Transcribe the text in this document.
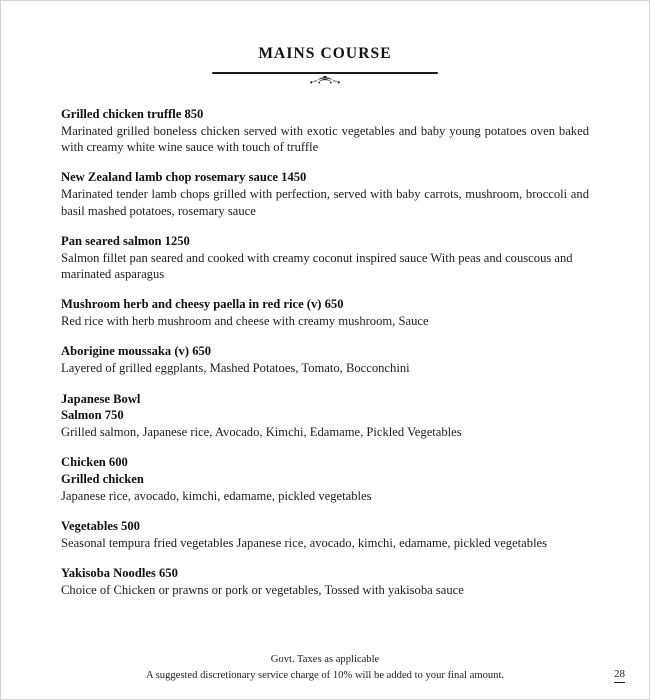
MAINS COURSE
Grilled chicken truffle 850
Marinated grilled boneless chicken served with exotic vegetables and baby young potatoes oven baked with creamy white wine sauce with touch of truffle
New Zealand lamb chop rosemary sauce 1450
Marinated tender lamb chops grilled with perfection, served with baby carrots, mushroom, broccoli and basil mashed potatoes, rosemary sauce
Pan seared salmon 1250
Salmon fillet pan seared and cooked with creamy coconut inspired sauce With peas and couscous and marinated asparagus
Mushroom herb and cheesy paella in red rice (v) 650
Red rice with herb mushroom and cheese with creamy mushroom, Sauce
Aborigine moussaka (v) 650
Layered of grilled eggplants, Mashed Potatoes, Tomato, Bocconchini
Japanese Bowl
Salmon 750
Grilled salmon, Japanese rice, Avocado, Kimchi, Edamame, Pickled Vegetables
Chicken 600
Grilled chicken
Japanese rice, avocado, kimchi, edamame, pickled vegetables
Vegetables 500
Seasonal tempura fried vegetables Japanese rice, avocado, kimchi, edamame, pickled vegetables
Yakisoba Noodles 650
Choice of Chicken or prawns or pork or vegetables, Tossed with yakisoba sauce
Govt. Taxes as applicable
A suggested discretionary service charge of 10% will be added to your final amount.	28
